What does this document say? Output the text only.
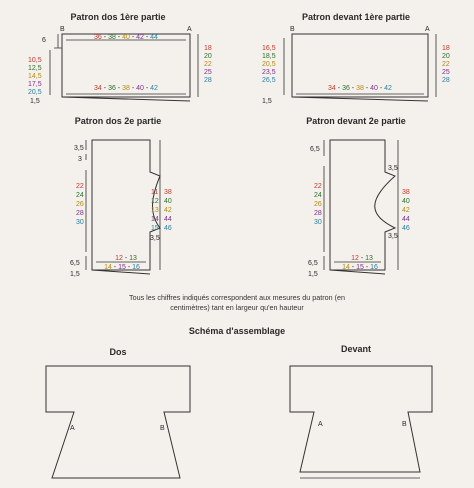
Patron dos 1ère partie
B	A
6	36 - 38 - 40 - 42 - 44
34 - 36 - 38 - 40 - 42
10,5 12,5 14,5 17,5 20,5
18 20 22 25 28
1,5
Patron devant 1ère partie
B	A
16,5 18,5 20,5 23,5 26,5
18 20 22 25 28
34 - 36 - 38 - 40 - 42
1,5
Patron dos 2e partie
3,5
3
22 24 26 28 30
11 12 13 14 15
38 40 42 44 46
3,5
6,5
1,5
12 - 13
14 - 15 - 16
Patron devant 2e partie
6,5
22 24 26 28 30
3,5
38 40 42 44 46
3,5
6,5
1,5
12 - 13
14 - 15 - 16
Tous les chiffres indiqués correspondent aux mesures du patron (en
centimètres) tant en largeur qu'en hauteur
Schéma d'assemblage
Dos
A	B
Devant
A	B
